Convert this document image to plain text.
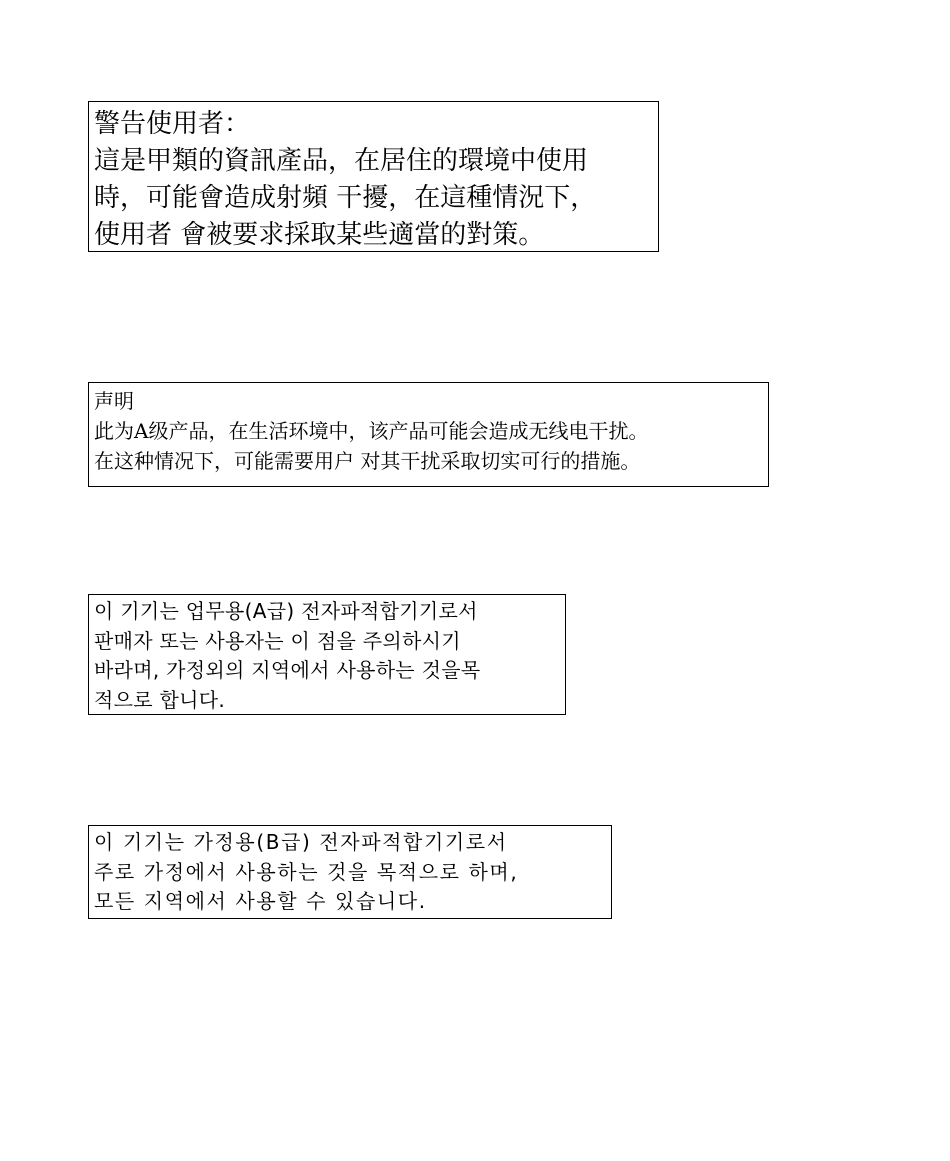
警告使用者：
這是甲類的資訊產品，在居住的環境中使用
時，可能會造成射頻 干擾，在這種情況下，
使用者 會被要求採取某些適當的對策。
声明
此为A级产品，在生活环境中，该产品可能会造成无线电干扰。
在这种情况下，可能需要用户 对其干扰采取切实可行的措施。
이 기기는 업무용(A급) 전자파적합기기로서
판매자 또는 사용자는 이 점을 주의하시기
바라며, 가정외의 지역에서 사용하는 것을목
적으로 합니다.
이 기기는 가정용(B급) 전자파적합기기로서
주로 가정에서 사용하는 것을 목적으로 하며,
모든 지역에서 사용할 수 있습니다.
